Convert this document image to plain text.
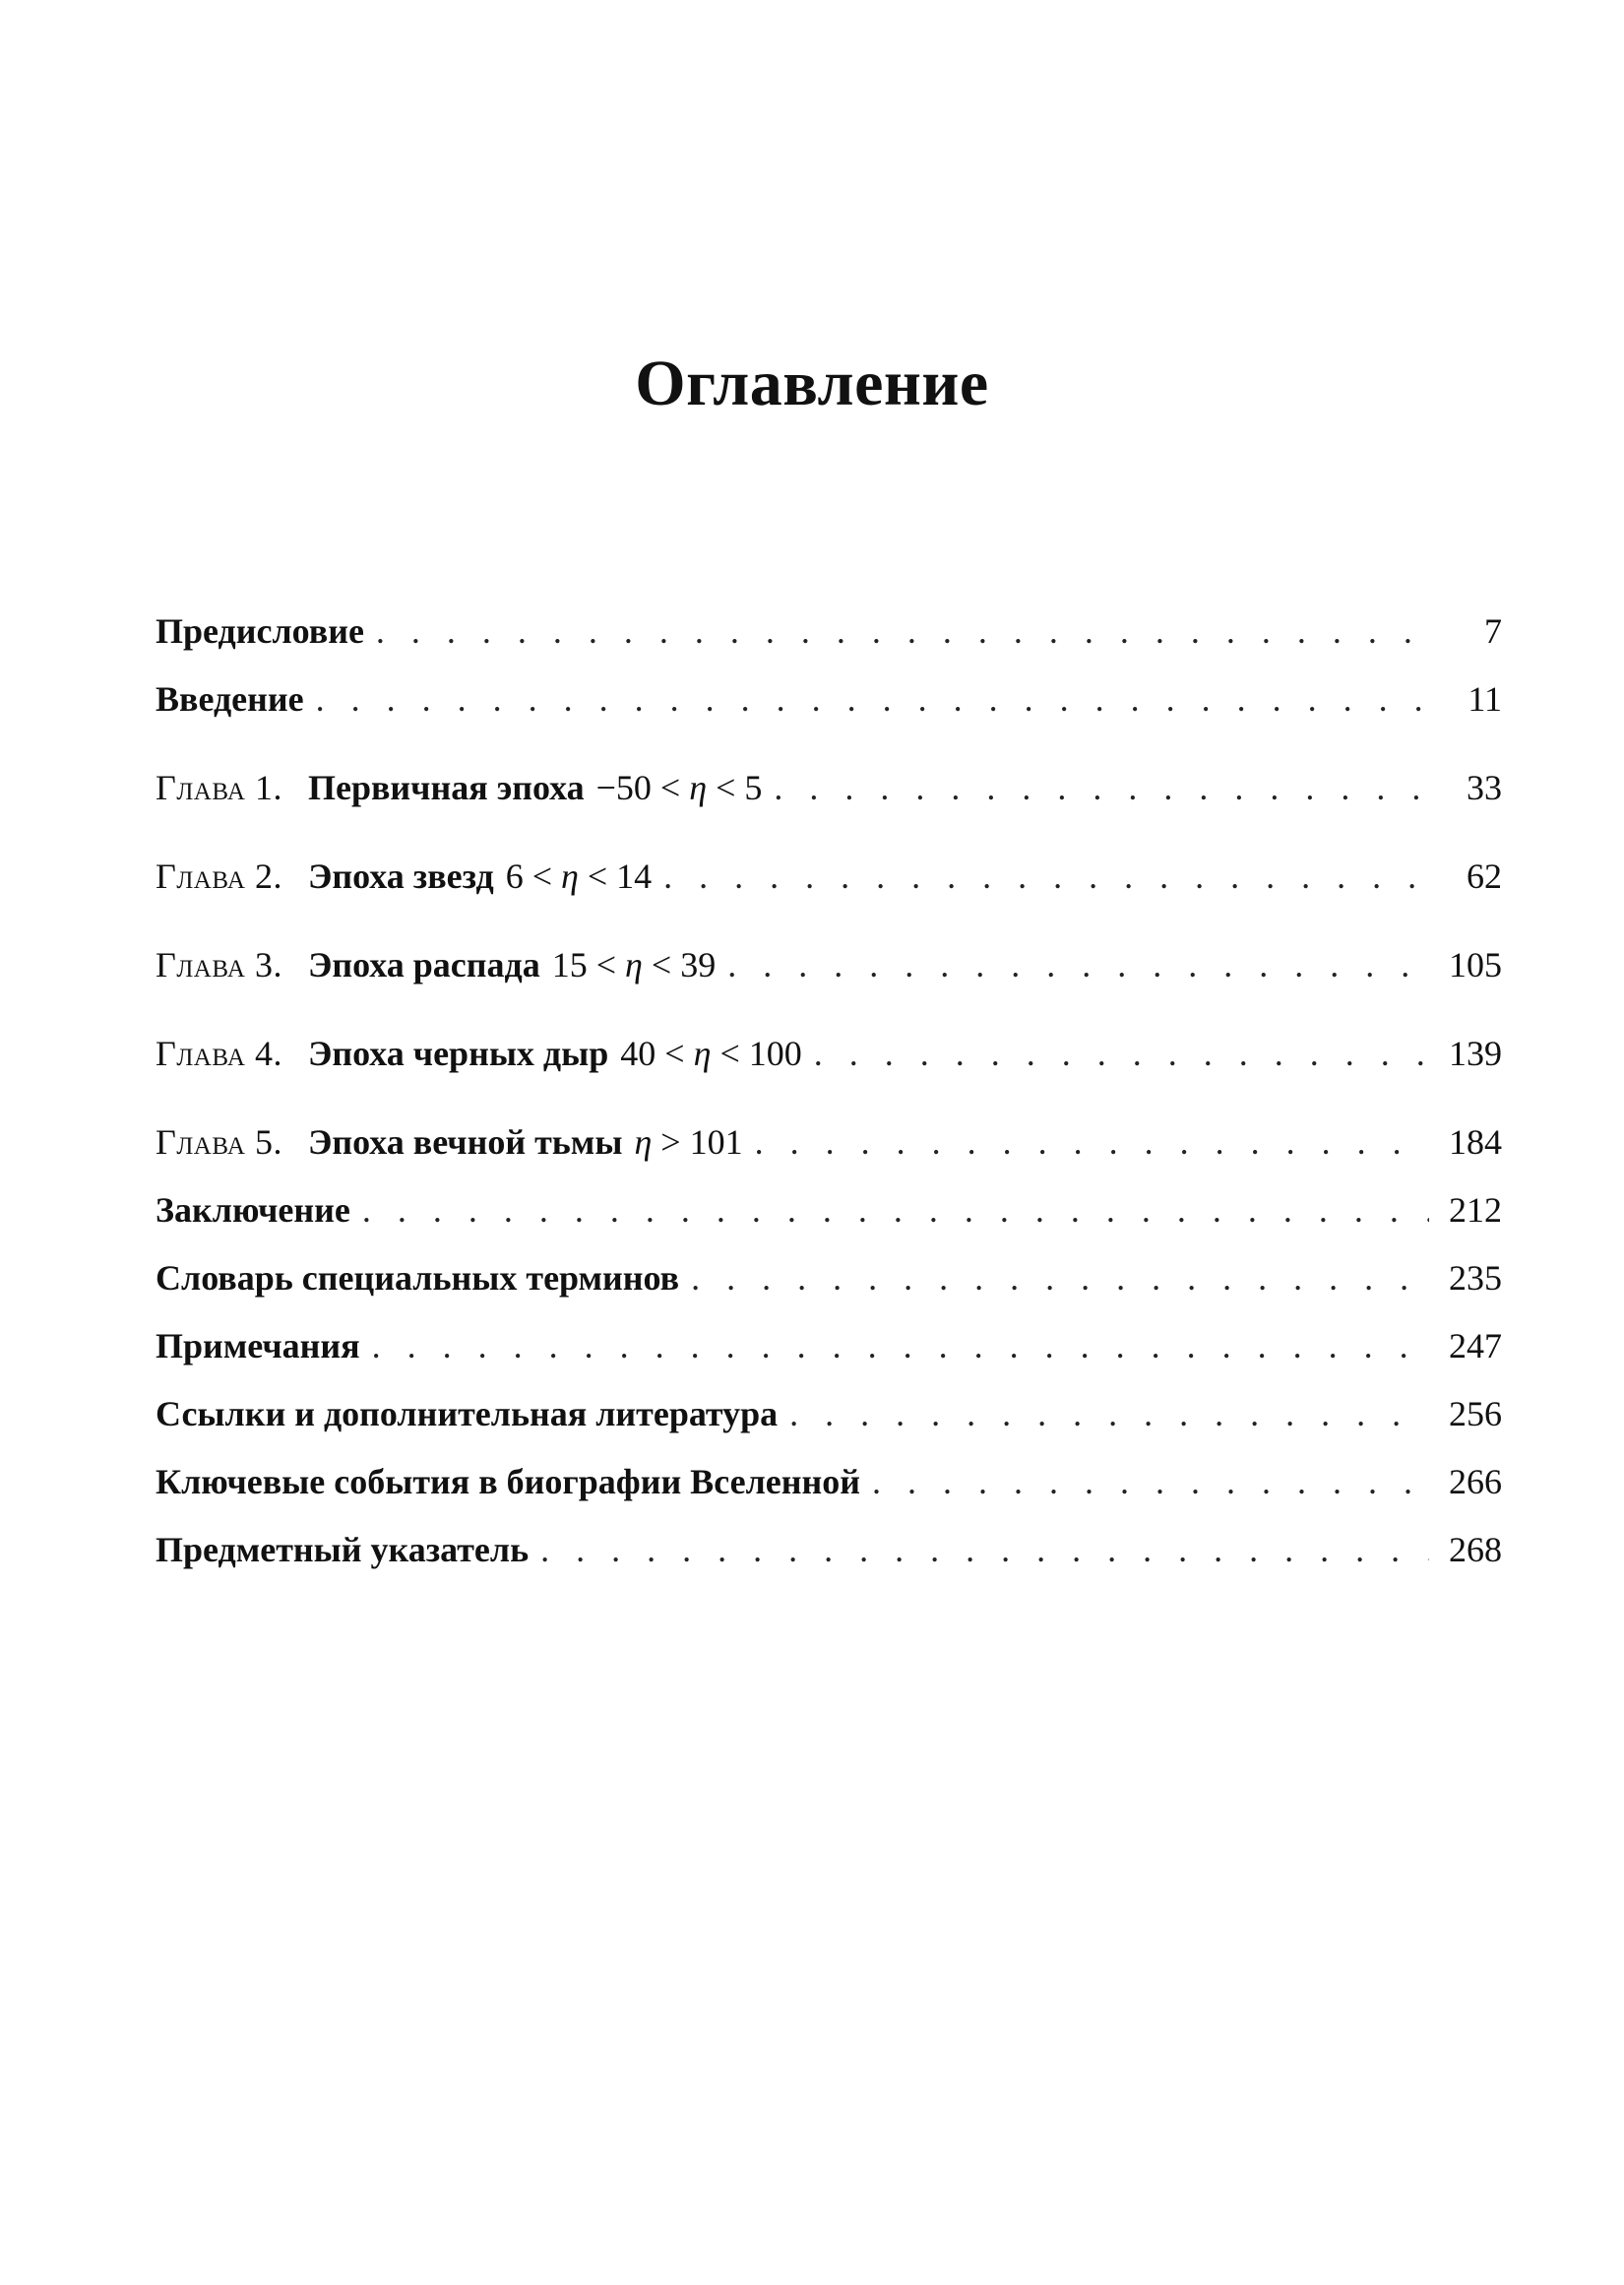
Оглавление
Предисловие . . .	7
Введение . . .	11
Глава 1. Первичная эпоха −50 < η < 5 . . .	33
Глава 2. Эпоха звезд 6 < η < 14 . . .	62
Глава 3. Эпоха распада 15 < η < 39 . . .	105
Глава 4. Эпоха черных дыр 40 < η < 100 . . .	139
Глава 5. Эпоха вечной тьмы η > 101 . . .	184
Заключение . . .	212
Словарь специальных терминов . . .	235
Примечания . . .	247
Ссылки и дополнительная литература . . .	256
Ключевые события в биографии Вселенной . . .	266
Предметный указатель . . .	268
